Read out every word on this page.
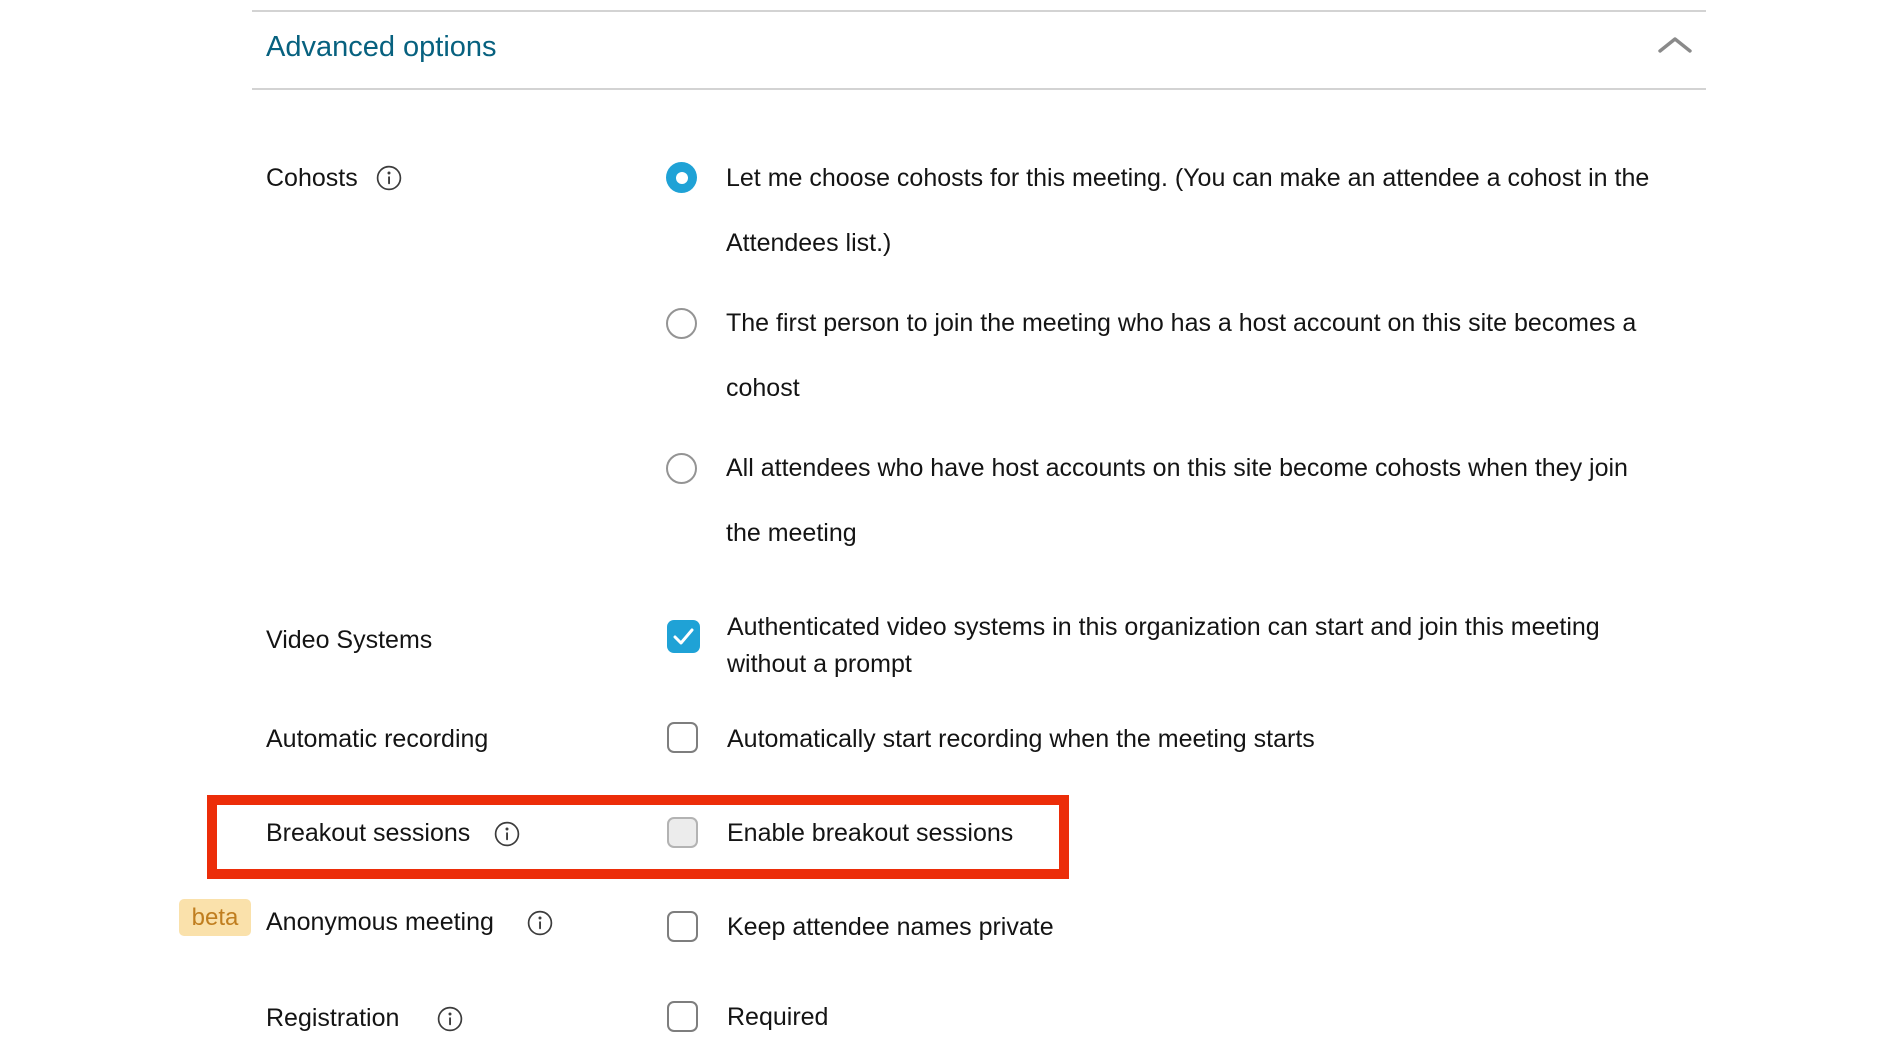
Advanced options
Cohosts	Let me choose cohosts for this meeting. (You can make an attendee a cohost in the
Attendees list.)
The first person to join the meeting who has a host account on this site becomes a
cohost
All attendees who have host accounts on this site become cohosts when they join
the meeting
Video Systems	Authenticated video systems in this organization can start and join this meeting
without a prompt
Automatic recording	Automatically start recording when the meeting starts
Breakout sessions	Enable breakout sessions
beta	Anonymous meeting	Keep attendee names private
Registration	Required
